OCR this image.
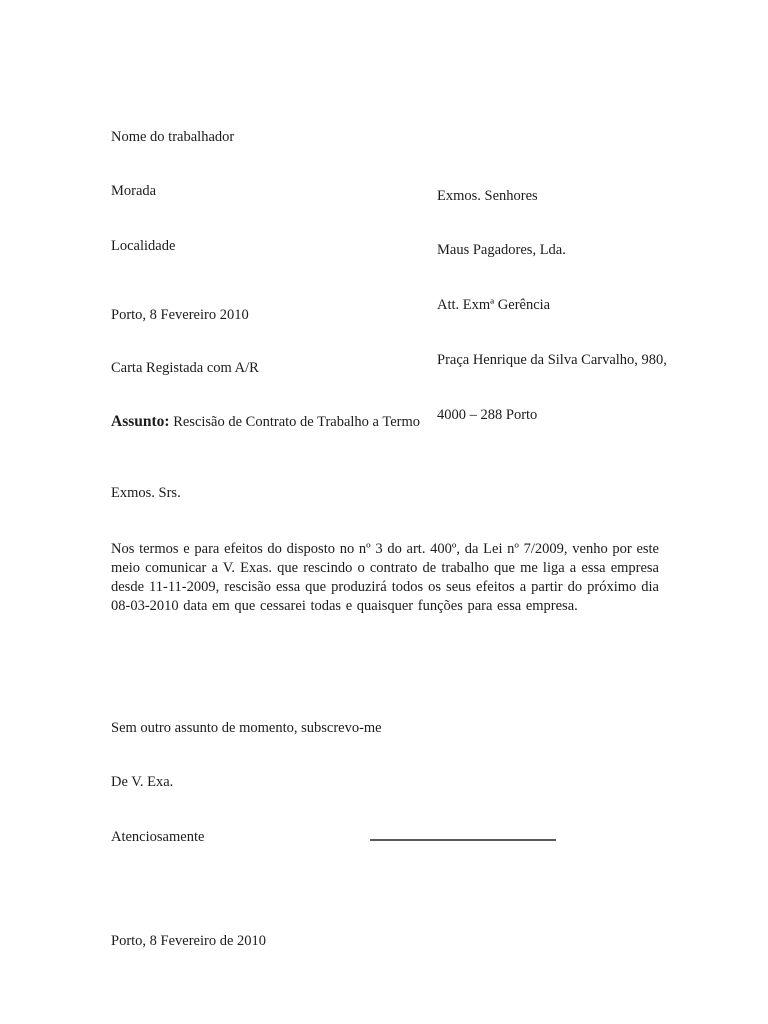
Nome do trabalhador

Morada

Localidade

Exmos. Senhores

Maus Pagadores, Lda.

Att. Exmª Gerência

Praça Henrique da Silva Carvalho, 980,

4000 – 288 Porto

Porto, 8 Fevereiro 2010
Carta Registada com A/R
Assunto: Rescisão de Contrato de Trabalho a Termo
Exmos. Srs.
Nos termos e para efeitos do disposto no nº 3 do art. 400º, da Lei nº 7/2009, venho por este meio comunicar a V. Exas. que rescindo o contrato de trabalho que me liga a essa empresa desde 11-11-2009, rescisão essa que produzirá todos os seus efeitos a partir do próximo dia 08-03-2010 data em que cessarei todas e quaisquer funções para essa empresa.

Sem outro assunto de momento, subscrevo-me

De V. Exa.

Atenciosamente

Porto, 8 Fevereiro de 2010
